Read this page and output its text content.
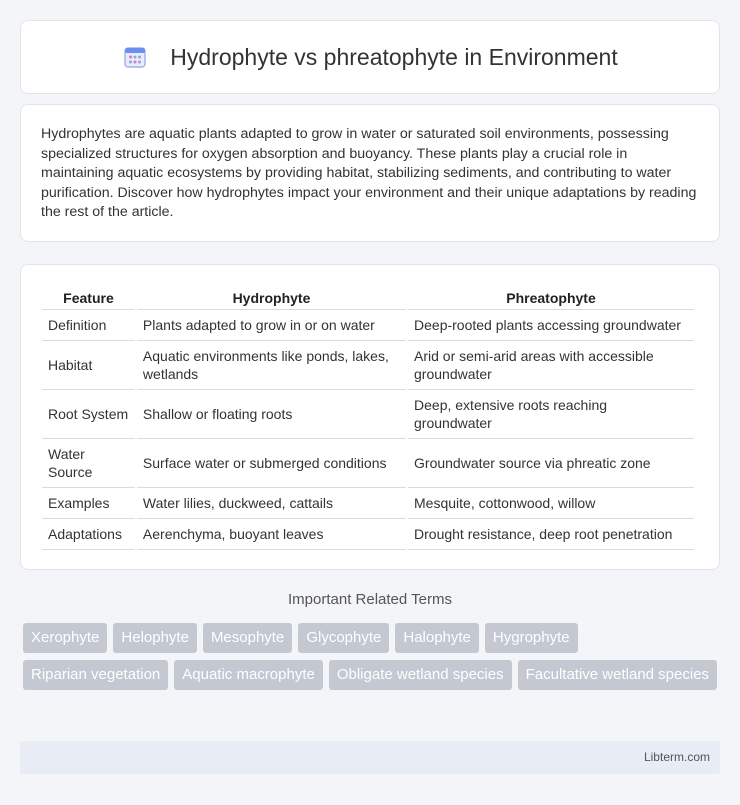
Hydrophyte vs phreatophyte in Environment

Hydrophytes are aquatic plants adapted to grow in water or saturated soil environments, possessing specialized structures for oxygen absorption and buoyancy. These plants play a crucial role in maintaining aquatic ecosystems by providing habitat, stabilizing sediments, and contributing to water purification. Discover how hydrophytes impact your environment and their unique adaptations by reading the rest of the article.

Feature	Hydrophyte	Phreatophyte
Definition	Plants adapted to grow in or on water	Deep-rooted plants accessing groundwater
Habitat	Aquatic environments like ponds, lakes, wetlands	Arid or semi-arid areas with accessible groundwater
Root System	Shallow or floating roots	Deep, extensive roots reaching groundwater
Water Source	Surface water or submerged conditions	Groundwater source via phreatic zone
Examples	Water lilies, duckweed, cattails	Mesquite, cottonwood, willow
Adaptations	Aerenchyma, buoyant leaves	Drought resistance, deep root penetration
Important Related Terms
Xerophyte	Helophyte	Mesophyte	Glycophyte	Halophyte	Hygrophyte
Riparian vegetation	Aquatic macrophyte	Obligate wetland species	Facultative wetland species
Libterm.com
